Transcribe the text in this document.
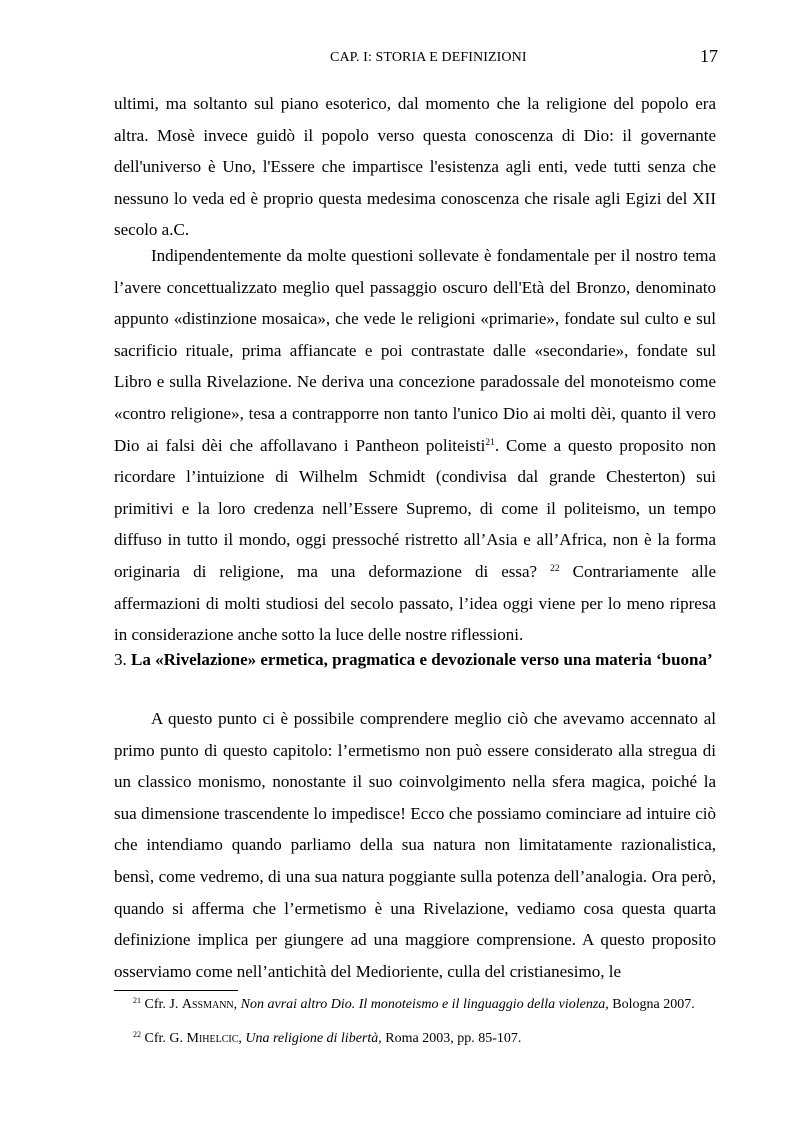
CAP. I: STORIA E DEFINIZIONI	17

ultimi, ma soltanto sul piano esoterico, dal momento che la religione del popolo era altra. Mosè invece guidò il popolo verso questa conoscenza di Dio: il governante dell'universo è Uno, l'Essere che impartisce l'esistenza agli enti, vede tutti senza che nessuno lo veda ed è proprio questa medesima conoscenza che risale agli Egizi del XII secolo a.C.

Indipendentemente da molte questioni sollevate è fondamentale per il nostro tema l’avere concettualizzato meglio quel passaggio oscuro dell'Età del Bronzo, denominato appunto «distinzione mosaica», che vede le religioni «primarie», fondate sul culto e sul sacrificio rituale, prima affiancate e poi contrastate dalle «secondarie», fondate sul Libro e sulla Rivelazione. Ne deriva una concezione paradossale del monoteismo come «contro religione», tesa a contrapporre non tanto l'unico Dio ai molti dèi, quanto il vero Dio ai falsi dèi che affollavano i Pantheon politeisti$^{21}$. Come a questo proposito non ricordare l’intuizione di Wilhelm Schmidt (condivisa dal grande Chesterton) sui primitivi e la loro credenza nell’Essere Supremo, di come il politeismo, un tempo diffuso in tutto il mondo, oggi pressoché ristretto all’Asia e all’Africa, non è la forma originaria di religione, ma una deformazione di essa? $^{22}$ Contrariamente alle affermazioni di molti studiosi del secolo passato, l’idea oggi viene per lo meno ripresa in considerazione anche sotto la luce delle nostre riflessioni.

3. La «Rivelazione» ermetica, pragmatica e devozionale verso una materia ‘buona’

A questo punto ci è possibile comprendere meglio ciò che avevamo accennato al primo punto di questo capitolo: l’ermetismo non può essere considerato alla stregua di un classico monismo, nonostante il suo coinvolgimento nella sfera magica, poiché la sua dimensione trascendente lo impedisce! Ecco che possiamo cominciare ad intuire ciò che intendiamo quando parliamo della sua natura non limitatamente razionalistica, bensì, come vedremo, di una sua natura poggiante sulla potenza dell’analogia. Ora però, quando si afferma che l’ermetismo è una Rivelazione, vediamo cosa questa quarta definizione implica per giungere ad una maggiore comprensione. A questo proposito osserviamo come nell’antichità del Medioriente, culla del cristianesimo, le

$^{21}$ Cfr. J. Assmann, Non avrai altro Dio. Il monoteismo e il linguaggio della violenza, Bologna 2007.

$^{22}$ Cfr. G. Mihelcic, Una religione di libertà, Roma 2003, pp. 85-107.
